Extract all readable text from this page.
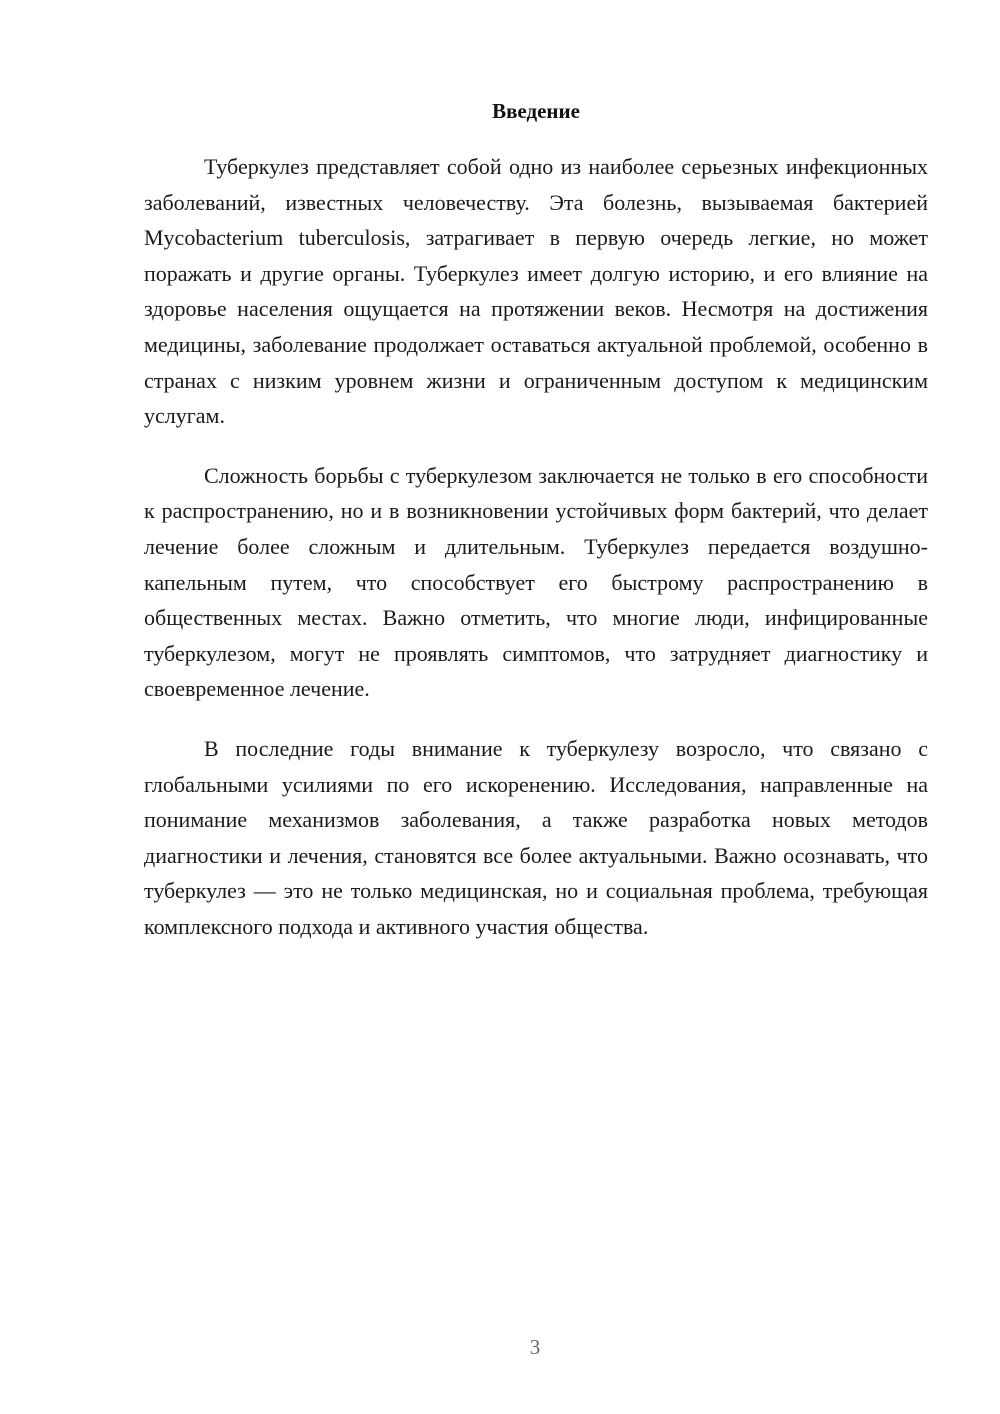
Введение

Туберкулез представляет собой одно из наиболее серьезных инфекционных заболеваний, известных человечеству. Эта болезнь, вызываемая бактерией Mycobacterium tuberculosis, затрагивает в первую очередь легкие, но может поражать и другие органы. Туберкулез имеет долгую историю, и его влияние на здоровье населения ощущается на протяжении веков. Несмотря на достижения медицины, заболевание продолжает оставаться актуальной проблемой, особенно в странах с низким уровнем жизни и ограниченным доступом к медицинским услугам.

Сложность борьбы с туберкулезом заключается не только в его способности к распространению, но и в возникновении устойчивых форм бактерий, что делает лечение более сложным и длительным. Туберкулез передается воздушно-капельным путем, что способствует его быстрому распространению в общественных местах. Важно отметить, что многие люди, инфицированные туберкулезом, могут не проявлять симптомов, что затрудняет диагностику и своевременное лечение.

В последние годы внимание к туберкулезу возросло, что связано с глобальными усилиями по его искоренению. Исследования, направленные на понимание механизмов заболевания, а также разработка новых методов диагностики и лечения, становятся все более актуальными. Важно осознавать, что туберкулез — это не только медицинская, но и социальная проблема, требующая комплексного подхода и активного участия общества.

3
